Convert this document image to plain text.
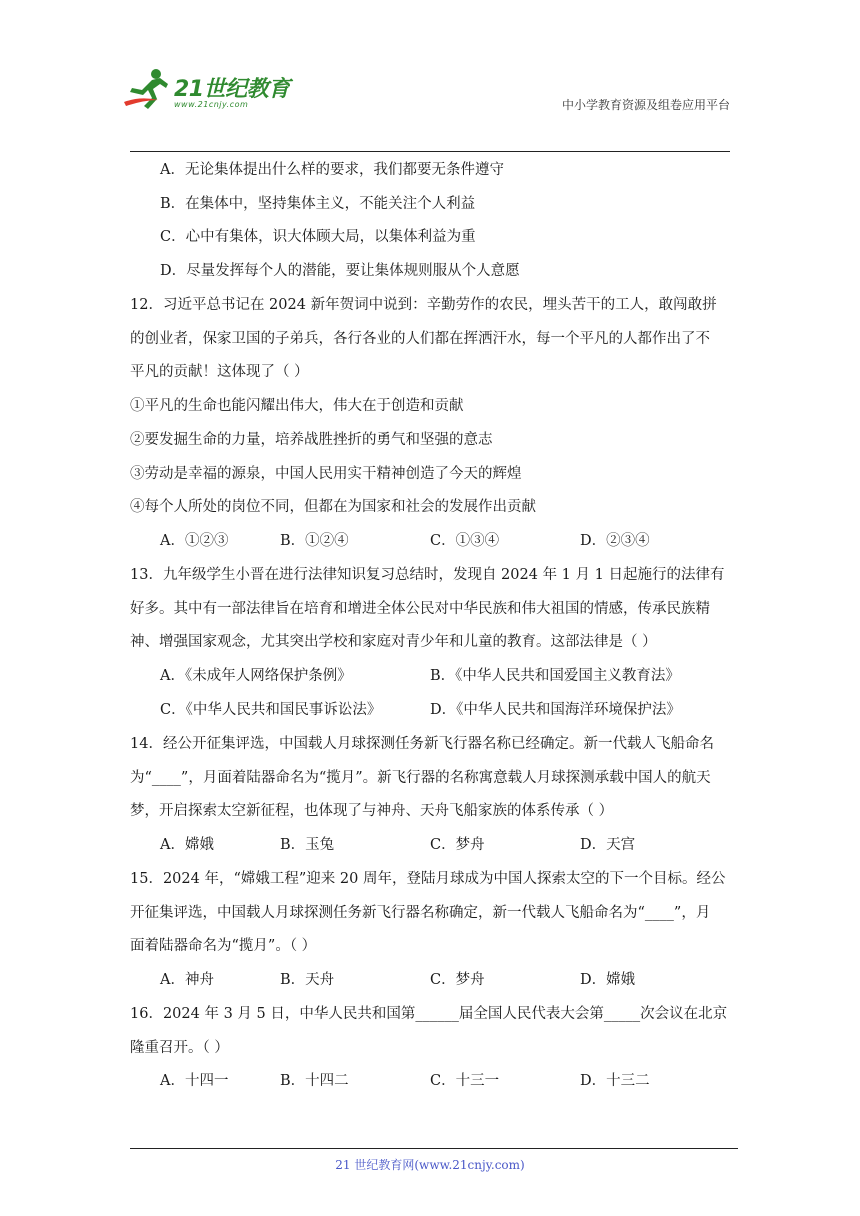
21世纪教育
www.21cnjy.com	中小学教育资源及组卷应用平台
A．无论集体提出什么样的要求，我们都要无条件遵守
B．在集体中，坚持集体主义，不能关注个人利益
C．心中有集体，识大体顾大局，以集体利益为重
D．尽量发挥每个人的潜能，要让集体规则服从个人意愿
12．习近平总书记在 2024 新年贺词中说到：辛勤劳作的农民，埋头苦干的工人，敢闯敢拼
的创业者，保家卫国的子弟兵，各行各业的人们都在挥洒汗水，每一个平凡的人都作出了不
平凡的贡献！这体现了（ ）
①平凡的生命也能闪耀出伟大，伟大在于创造和贡献
②要发掘生命的力量，培养战胜挫折的勇气和坚强的意志
③劳动是幸福的源泉，中国人民用实干精神创造了今天的辉煌
④每个人所处的岗位不同，但都在为国家和社会的发展作出贡献
A．①②③	B．①②④	C．①③④	D．②③④
13．九年级学生小晋在进行法律知识复习总结时，发现自 2024 年 1 月 1 日起施行的法律有
好多。其中有一部法律旨在培育和增进全体公民对中华民族和伟大祖国的情感，传承民族精
神、增强国家观念，尤其突出学校和家庭对青少年和儿童的教育。这部法律是（ ）
A．《未成年人网络保护条例》	B．《中华人民共和国爱国主义教育法》
C．《中华人民共和国民事诉讼法》	D．《中华人民共和国海洋环境保护法》
14．经公开征集评选，中国载人月球探测任务新飞行器名称已经确定。新一代载人飞船命名
为“____”，月面着陆器命名为“揽月”。新飞行器的名称寓意载人月球探测承载中国人的航天
梦，开启探索太空新征程，也体现了与神舟、天舟飞船家族的体系传承（ ）
A．嫦娥	B．玉兔	C．梦舟	D．天宫
15．2024 年，“嫦娥工程”迎来 20 周年，登陆月球成为中国人探索太空的下一个目标。经公
开征集评选，中国载人月球探测任务新飞行器名称确定，新一代载人飞船命名为“____”，月
面着陆器命名为“揽月”。（ ）
A．神舟	B．天舟	C．梦舟	D．嫦娥
16．2024 年 3 月 5 日，中华人民共和国第______届全国人民代表大会第_____次会议在北京
隆重召开。（ ）
A．十四一	B．十四二	C．十三一	D．十三二
21 世纪教育网(www.21cnjy.com)
